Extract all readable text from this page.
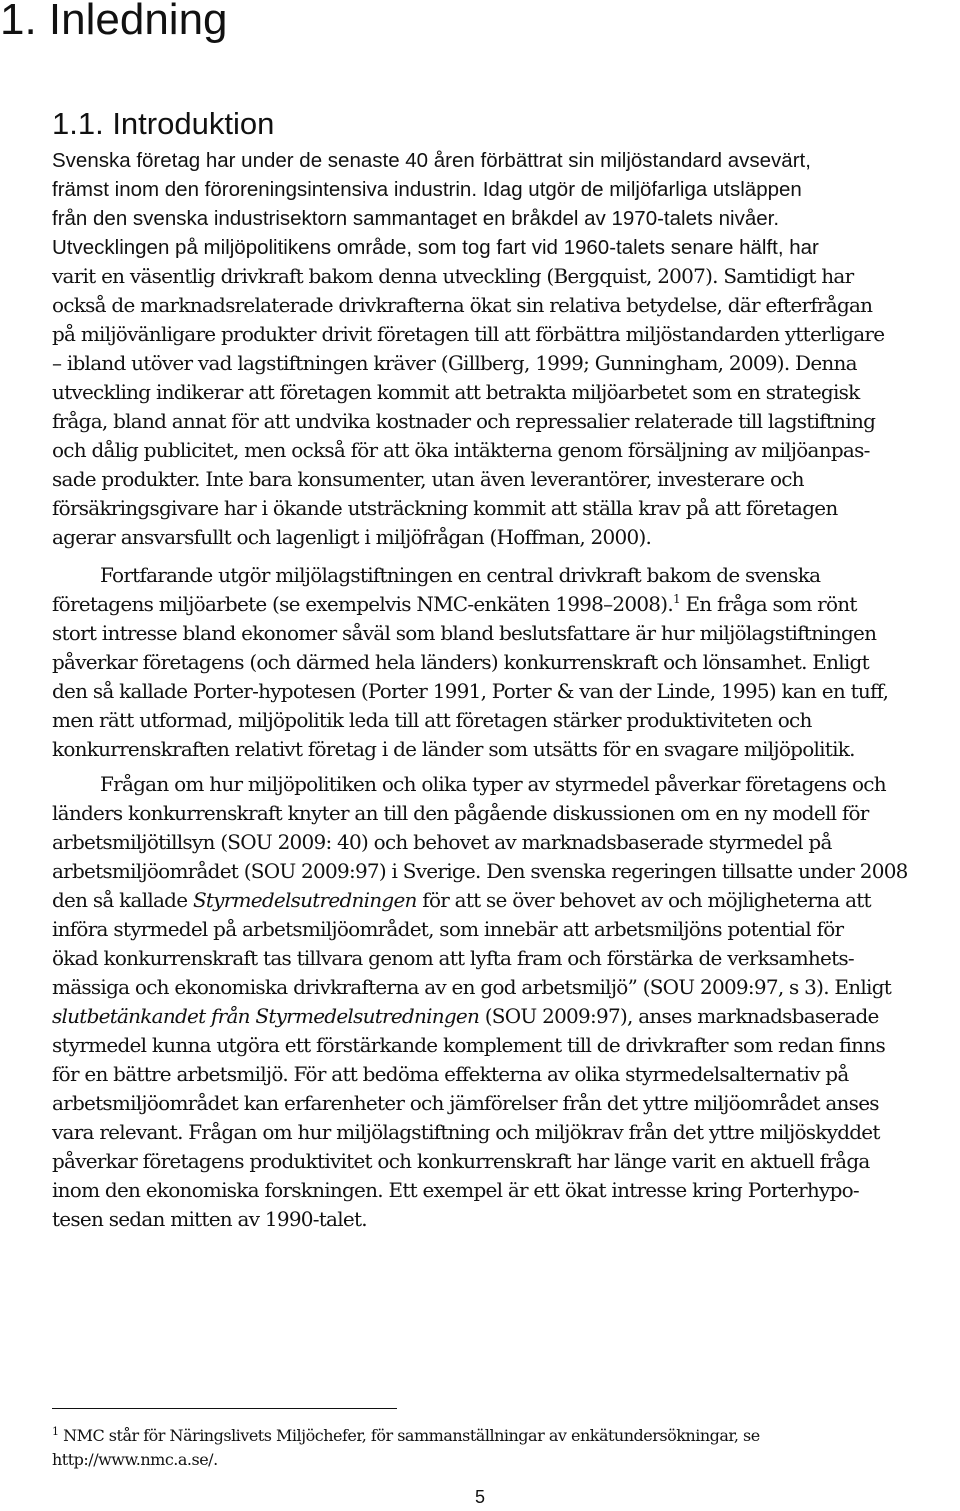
1. Inledning
1.1. Introduktion
Svenska företag har under de senaste 40 åren förbättrat sin miljöstandard avsevärt,
främst inom den föroreningsintensiva industrin. Idag utgör de miljöfarliga utsläppen
från den svenska industrisektorn sammantaget en bråkdel av 1970-talets nivåer.
Utvecklingen på miljöpolitikens område, som tog fart vid 1960-talets senare hälft, har
varit en väsentlig drivkraft bakom denna utveckling (Bergquist, 2007). Samtidigt har
också de marknadsrelaterade drivkrafterna ökat sin relativa betydelse, där efterfrågan
på miljövänligare produkter drivit företagen till att förbättra miljöstandarden ytterligare
– ibland utöver vad lagstiftningen kräver (Gillberg, 1999; Gunningham, 2009). Denna
utveckling indikerar att företagen kommit att betrakta miljöarbetet som en strategisk
fråga, bland annat för att undvika kostnader och repressalier relaterade till lagstiftning
och dålig publicitet, men också för att öka intäkterna genom försäljning av miljöanpas-
sade produkter. Inte bara konsumenter, utan även leverantörer, investerare och
försäkringsgivare har i ökande utsträckning kommit att ställa krav på att företagen
agerar ansvarsfullt och lagenligt i miljöfrågan (Hoffman, 2000).
Fortfarande utgör miljölagstiftningen en central drivkraft bakom de svenska
företagens miljöarbete (se exempelvis NMC-enkäten 1998–2008).$^1$ En fråga som rönt
stort intresse bland ekonomer såväl som bland beslutsfattare är hur miljölagstiftningen
påverkar företagens (och därmed hela länders) konkurrenskraft och lönsamhet. Enligt
den så kallade Porter-hypotesen (Porter 1991, Porter & van der Linde, 1995) kan en tuff,
men rätt utformad, miljöpolitik leda till att företagen stärker produktiviteten och
konkurrenskraften relativt företag i de länder som utsätts för en svagare miljöpolitik.
Frågan om hur miljöpolitiken och olika typer av styrmedel påverkar företagens och
länders konkurrenskraft knyter an till den pågående diskussionen om en ny modell för
arbetsmiljötillsyn (SOU 2009: 40) och behovet av marknadsbaserade styrmedel på
arbetsmiljöområdet (SOU 2009:97) i Sverige. Den svenska regeringen tillsatte under 2008
den så kallade Styrmedelsutredningen för att se över behovet av och möjligheterna att
införa styrmedel på arbetsmiljöområdet, som innebär att arbetsmiljöns potential för
ökad konkurrenskraft tas tillvara genom att lyfta fram och förstärka de verksamhets-
mässiga och ekonomiska drivkrafterna av en god arbetsmiljö” (SOU 2009:97, s 3). Enligt
slutbetänkandet från Styrmedelsutredningen (SOU 2009:97), anses marknadsbaserade
styrmedel kunna utgöra ett förstärkande komplement till de drivkrafter som redan finns
för en bättre arbetsmiljö. För att bedöma effekterna av olika styrmedelsalternativ på
arbetsmiljöområdet kan erfarenheter och jämförelser från det yttre miljöområdet anses
vara relevant. Frågan om hur miljölagstiftning och miljökrav från det yttre miljöskyddet
påverkar företagens produktivitet och konkurrenskraft har länge varit en aktuell fråga
inom den ekonomiska forskningen. Ett exempel är ett ökat intresse kring Porterhypo-
tesen sedan mitten av 1990-talet.
$^1$ NMC står för Näringslivets Miljöchefer, för sammanställningar av enkätundersökningar, se
http://www.nmc.a.se/.
5
